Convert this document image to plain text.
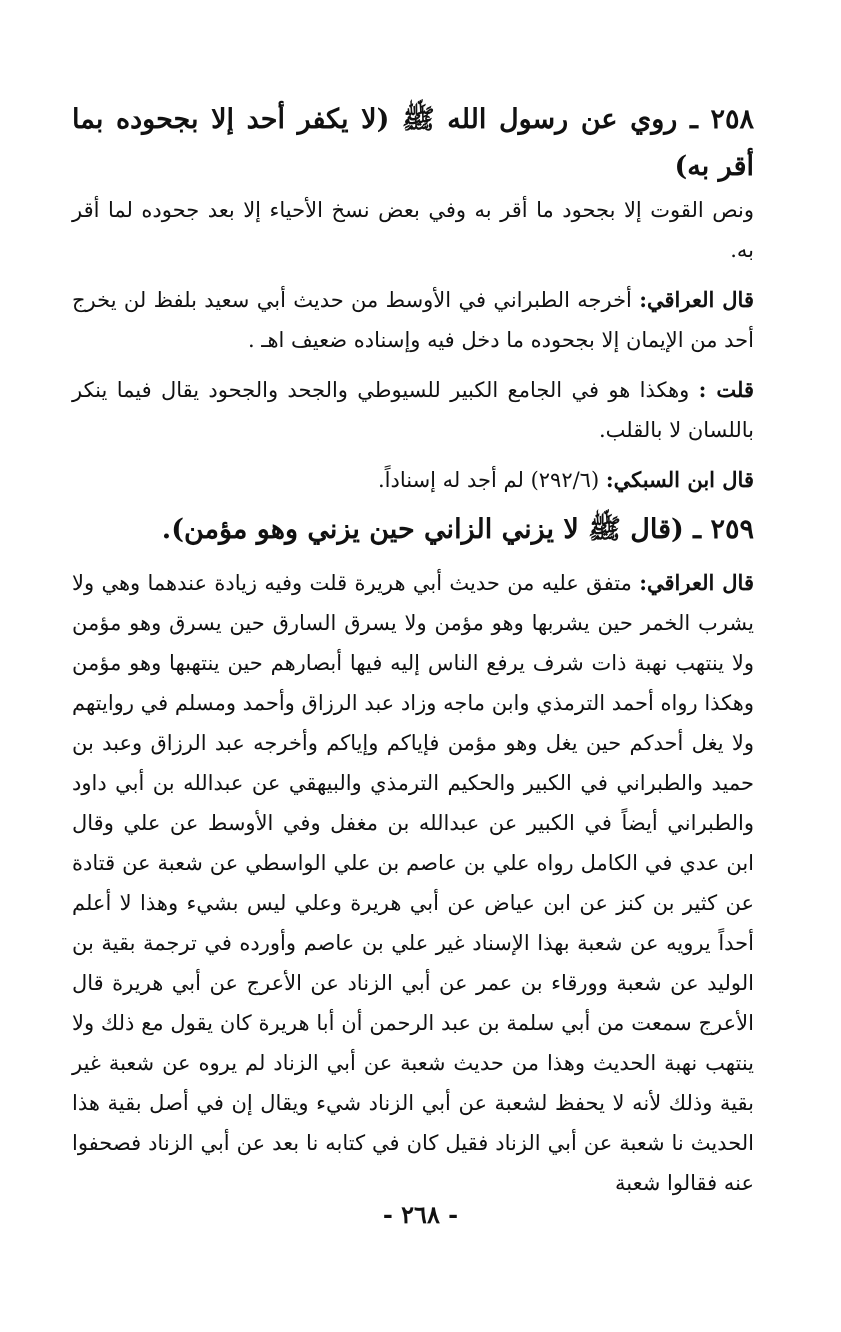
٢٥٨ ـ روي عن رسول الله ﷺ (لا يكفر أحد إلا بجحوده بما أقر به)

ونص القوت إلا بجحود ما أقر به وفي بعض نسخ الأحياء إلا بعد جحوده لما أقر به.

قال العراقي: أخرجه الطبراني في الأوسط من حديث أبي سعيد بلفظ لن يخرج أحد من الإيمان إلا بجحوده ما دخل فيه وإسناده ضعيف اهـ .

قلت : وهكذا هو في الجامع الكبير للسيوطي والجحد والجحود يقال فيما ينكر باللسان لا بالقلب.

قال ابن السبكي: (٢٩٢/٦) لم أجد له إسناداً.

٢٥٩ ـ (قال ﷺ لا يزني الزاني حين يزني وهو مؤمن).

قال العراقي: متفق عليه من حديث أبي هريرة قلت وفيه زيادة عندهما وهي ولا يشرب الخمر حين يشربها وهو مؤمن ولا يسرق السارق حين يسرق وهو مؤمن ولا ينتهب نهبة ذات شرف يرفع الناس إليه فيها أبصارهم حين ينتهبها وهو مؤمن وهكذا رواه أحمد الترمذي وابن ماجه وزاد عبد الرزاق وأحمد ومسلم في روايتهم ولا يغل أحدكم حين يغل وهو مؤمن فإياكم وإياكم وأخرجه عبد الرزاق وعبد بن حميد والطبراني في الكبير والحكيم الترمذي والبيهقي عن عبدالله بن أبي داود والطبراني أيضاً في الكبير عن عبدالله بن مغفل وفي الأوسط عن علي وقال ابن عدي في الكامل رواه علي بن عاصم بن علي الواسطي عن شعبة عن قتادة عن كثير بن كنز عن ابن عياض عن أبي هريرة وعلي ليس بشيء وهذا لا أعلم أحداً يرويه عن شعبة بهذا الإسناد غير علي بن عاصم وأورده في ترجمة بقية بن الوليد عن شعبة وورقاء بن عمر عن أبي الزناد عن الأعرج عن أبي هريرة قال الأعرج سمعت من أبي سلمة بن عبد الرحمن أن أبا هريرة كان يقول مع ذلك ولا ينتهب نهبة الحديث وهذا من حديث شعبة عن أبي الزناد لم يروه عن شعبة غير بقية وذلك لأنه لا يحفظ لشعبة عن أبي الزناد شيء ويقال إن في أصل بقية هذا الحديث نا شعبة عن أبي الزناد فقيل كان في كتابه نا بعد عن أبي الزناد فصحفوا عنه فقالوا شعبة

- ٢٦٨ -
